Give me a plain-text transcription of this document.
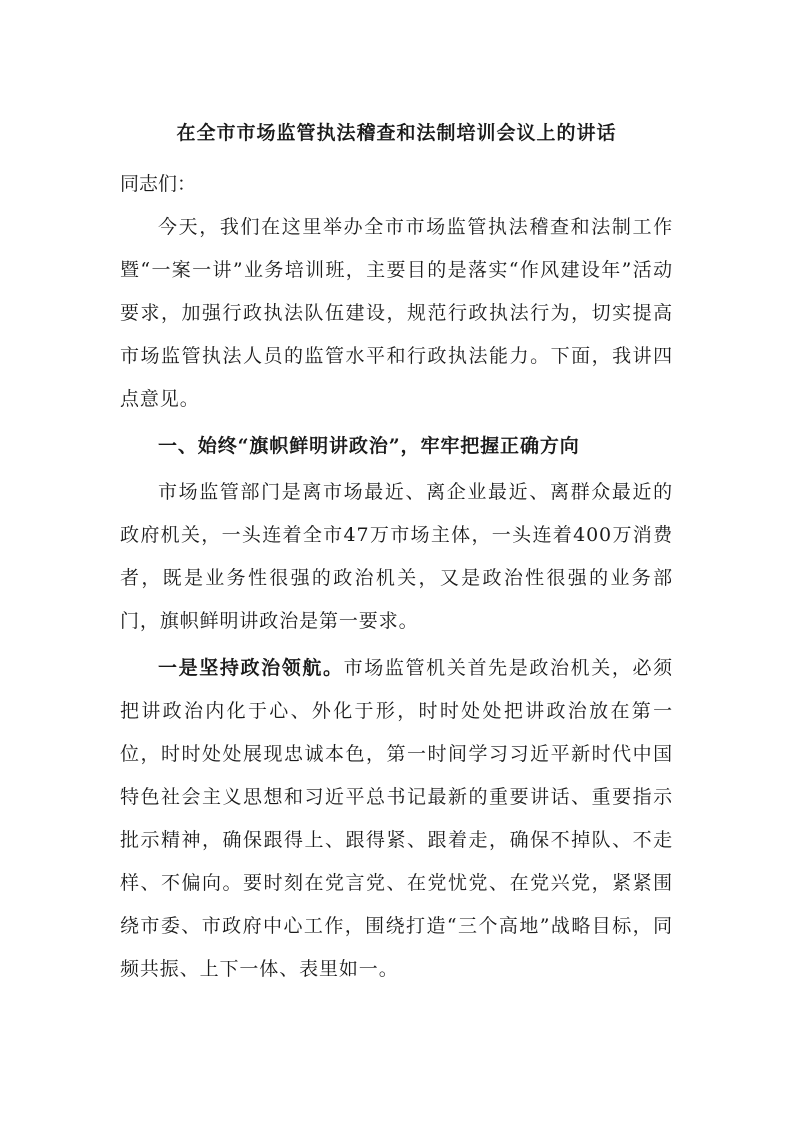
在全市市场监管执法稽查和法制培训会议上的讲话

同志们：

今天，我们在这里举办全市市场监管执法稽查和法制工作暨“一案一讲”业务培训班，主要目的是落实“作风建设年”活动要求，加强行政执法队伍建设，规范行政执法行为，切实提高市场监管执法人员的监管水平和行政执法能力。下面，我讲四点意见。

一、始终“旗帜鲜明讲政治”，牢牢把握正确方向

市场监管部门是离市场最近、离企业最近、离群众最近的政府机关，一头连着全市47万市场主体，一头连着400万消费者，既是业务性很强的政治机关，又是政治性很强的业务部门，旗帜鲜明讲政治是第一要求。

一是坚持政治领航。市场监管机关首先是政治机关，必须把讲政治内化于心、外化于形，时时处处把讲政治放在第一位，时时处处展现忠诚本色，第一时间学习习近平新时代中国特色社会主义思想和习近平总书记最新的重要讲话、重要指示批示精神，确保跟得上、跟得紧、跟着走，确保不掉队、不走样、不偏向。要时刻在党言党、在党忧党、在党兴党，紧紧围绕市委、市政府中心工作，围绕打造“三个高地”战略目标，同频共振、上下一体、表里如一。
